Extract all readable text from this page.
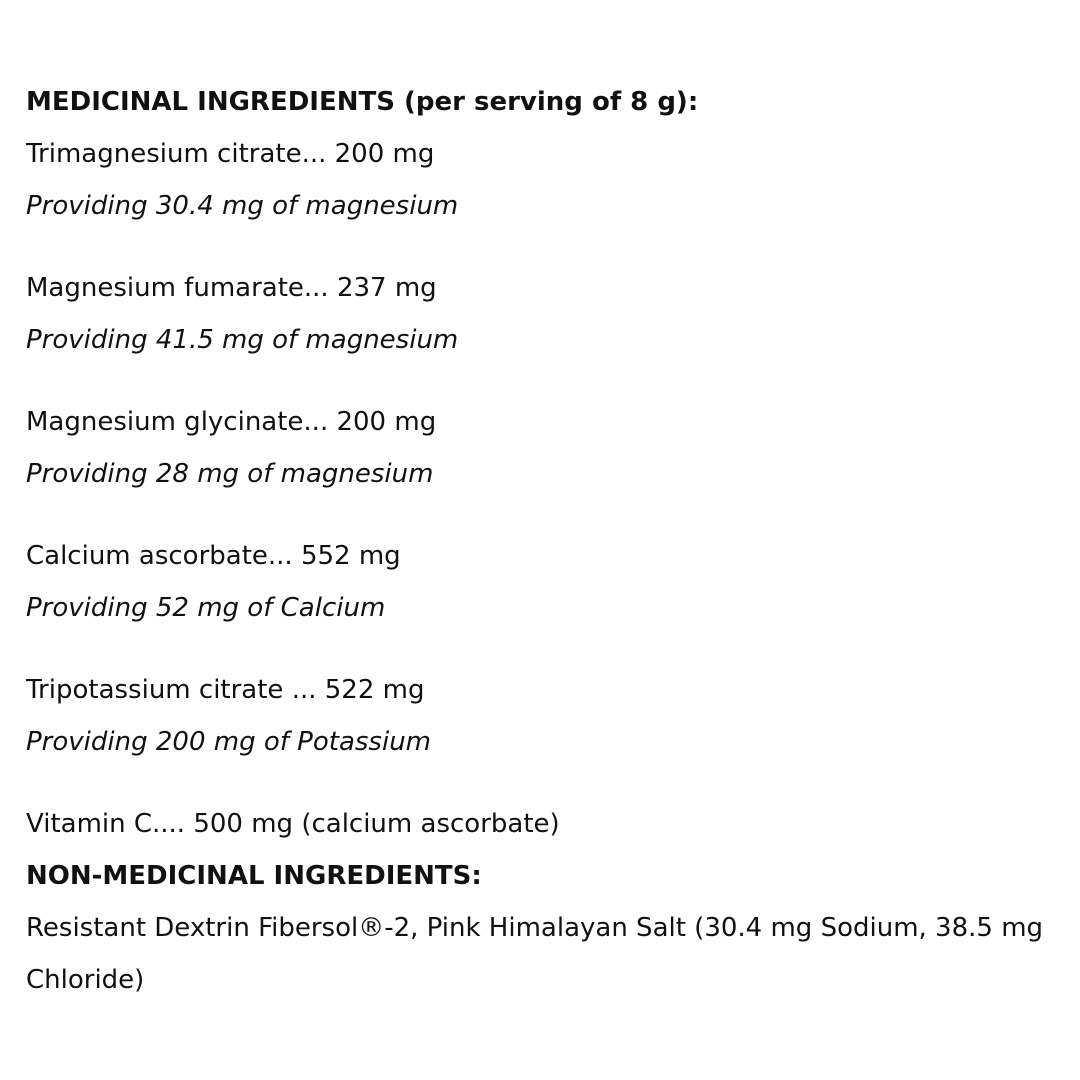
MEDICINAL INGREDIENTS (per serving of 8 g):

Trimagnesium citrate... 200 mg

Providing 30.4 mg of magnesium

Magnesium fumarate... 237 mg

Providing 41.5 mg of magnesium

Magnesium glycinate... 200 mg

Providing 28 mg of magnesium

Calcium ascorbate... 552 mg

Providing 52 mg of Calcium

Tripotassium citrate ... 522 mg

Providing 200 mg of Potassium

Vitamin C.... 500 mg (calcium ascorbate)

NON-MEDICINAL INGREDIENTS:

Resistant Dextrin Fibersol®-2, Pink Himalayan Salt (30.4 mg Sodium, 38.5 mg

Chloride)
